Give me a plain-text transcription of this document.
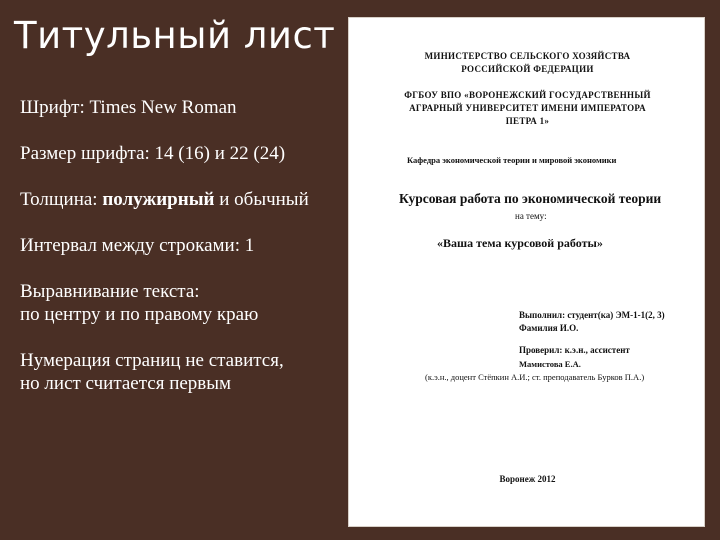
Титульный лист

Шрифт: Times New Roman

Размер шрифта: 14 (16) и 22 (24)

Толщина: полужирный и обычный

Интервал между строками: 1

Выравнивание текста:
по центру и по правому краю

Нумерация страниц не ставится,
но лист считается первым

МИНИСТЕРСТВО СЕЛЬСКОГО ХОЗЯЙСТВА
РОССИЙСКОЙ ФЕДЕРАЦИИ
ФГБОУ ВПО «ВОРОНЕЖСКИЙ ГОСУДАРСТВЕННЫЙ
АГРАРНЫЙ УНИВЕРСИТЕТ ИМЕНИ ИМПЕРАТОРА
ПЕТРА 1»
Кафедра экономической теории и мировой экономики
Курсовая работа по экономической теории
на тему:
«Ваша тема курсовой работы»
Выполнил: студент(ка) ЭМ-1-1(2, 3)
Фамилия И.О.
Проверил: к.э.н., ассистент
Мамистова Е.А.
(к.э.н., доцент Стёпкин А.И.; ст. преподаватель Бурков П.А.)
Воронеж 2012
